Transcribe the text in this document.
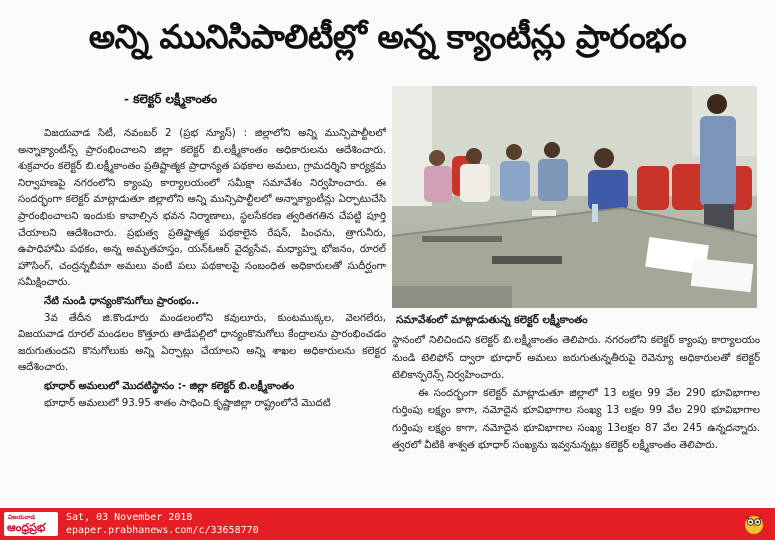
అన్ని మునిసిపాలిటీల్లో అన్న క్యాంటీన్లు ప్రారంభం
- కలెక్టర్ లక్ష్మీకాంతం

విజయవాడ సిటీ, నవంబర్ 2 (ప్రభ న్యూస్) : జిల్లాలోని అన్ని మున్సిపాల్టీలలో అన్నాక్యాంటీన్స్ ప్రారంభించాలని జిల్లా కలెక్టర్ బి.లక్ష్మీకాంతం అధికారులను ఆదేశించారు. శుక్రవారం కలెక్టర్ బి.లక్ష్మీకాంతం ప్రతిష్టాత్మక ప్రాధాన్యత పథకాల అమలు, గ్రామదర్శిని కార్యక్రమ నిర్వాహణపై నగరంలోని క్యాంపు కార్యాలయంలో సమీక్షా సమావేశం నిర్వహించారు. ఈ సందర్భంగా కలెక్టర్ మాట్లాడుతూ జిల్లాలోని అన్ని మున్సిపాల్టీలలో అన్నాక్యాంటీన్లు ఏర్పాటుచేసి ప్రారంభించాలని ఇందుకు కావాల్సిన భవన నిర్మాణాలు, స్థలసేకరణ త్వరితగతిన చేపట్టి పూర్తి చేయాలని ఆదేశించారు. ప్రభుత్వ ప్రతిష్టాత్మక పథకాలైన రేషన్, పింఛను, త్రాగునీరు, ఉపాధిహామీ పథకం, అన్న అమృతహస్తం, యన్ఓఆర్ వైద్యసేవ, మధ్యాహ్న భోజనం, రూరల్ హౌసింగ్, చంద్రన్నబీమా అమలు వంటి పలు పథకాలపై సంబంధిత అధికారులతో సుదీర్ఘంగా సమీక్షించారు.

నేటి నుండి ధాన్యంకొనుగోలు ప్రారంభం..

3వ తేదీన జి.కొండూరు మండలంలోని కవులూరు, కుంటముక్కల, వెలగలేరు, విజయవాడ రూరల్ మండలం కొత్తూరు తాడేపల్లిలో ధాన్యంకొనుగోలు కేంద్రాలను ప్రారంభించడం జరుగుతుందని కొనుగోలుకు అన్ని ఏర్పాట్లు చేయాలని అన్ని శాఖల అధికారులను కలెక్టర ఆదేశించారు.

భూధార్ అమలులో మొదటిస్థానం :- జిల్లా కలెక్టర్ బి.లక్ష్మీకాంతం

భూధార్ అమలులో 93.95 శాతం సాధించి కృష్ణాజిల్లా రాష్ట్రంలోనే మొదటి

సమావేశంలో మాట్లాడుతున్న కలెక్టర్ లక్ష్మీకాంతం

స్థానంలో నిలిచిందని కలెక్టర్ బి.లక్ష్మీకాంతం తెలిపారు. నగరంలోని కలెక్టర్ క్యాంపు కార్యాలయం నుండి టెలిఫోన్ ద్వారా భూధార్ అమలు జరుగుతున్నతీరుపై రెవెన్యూ అధికారులతో కలెక్టర్ టెలికాన్ఫరెన్స్ నిర్వహించారు.

ఈ సందర్భంగా కలెక్టర్ మాట్లాడుతూ జిల్లాలో 13 లక్షల 99 వేల 290 భూవిభాగాల గుర్తింపు లక్ష్యం కాగా, నమోదైన భూవిభాగాల సంఖ్య 13 లక్షల 99 వేల 290 భూవిభాగాల గుర్తింపు లక్ష్యం కాగా, నమోదైన భూవిభాగాల సంఖ్య 13లక్షల 87 వేల 245 ఉన్నదన్నారు. త్వరలో వీటికి శాశ్వత భూధార్ సంఖ్యను ఇవ్వనున్నట్లు కలెక్టర్ లక్ష్మీకాంతం తెలిపారు.

విజయవాడ
ఆంధ్రప్రభ
Sat, 03 November 2018
epaper.prabhanews.com/c/33658770
